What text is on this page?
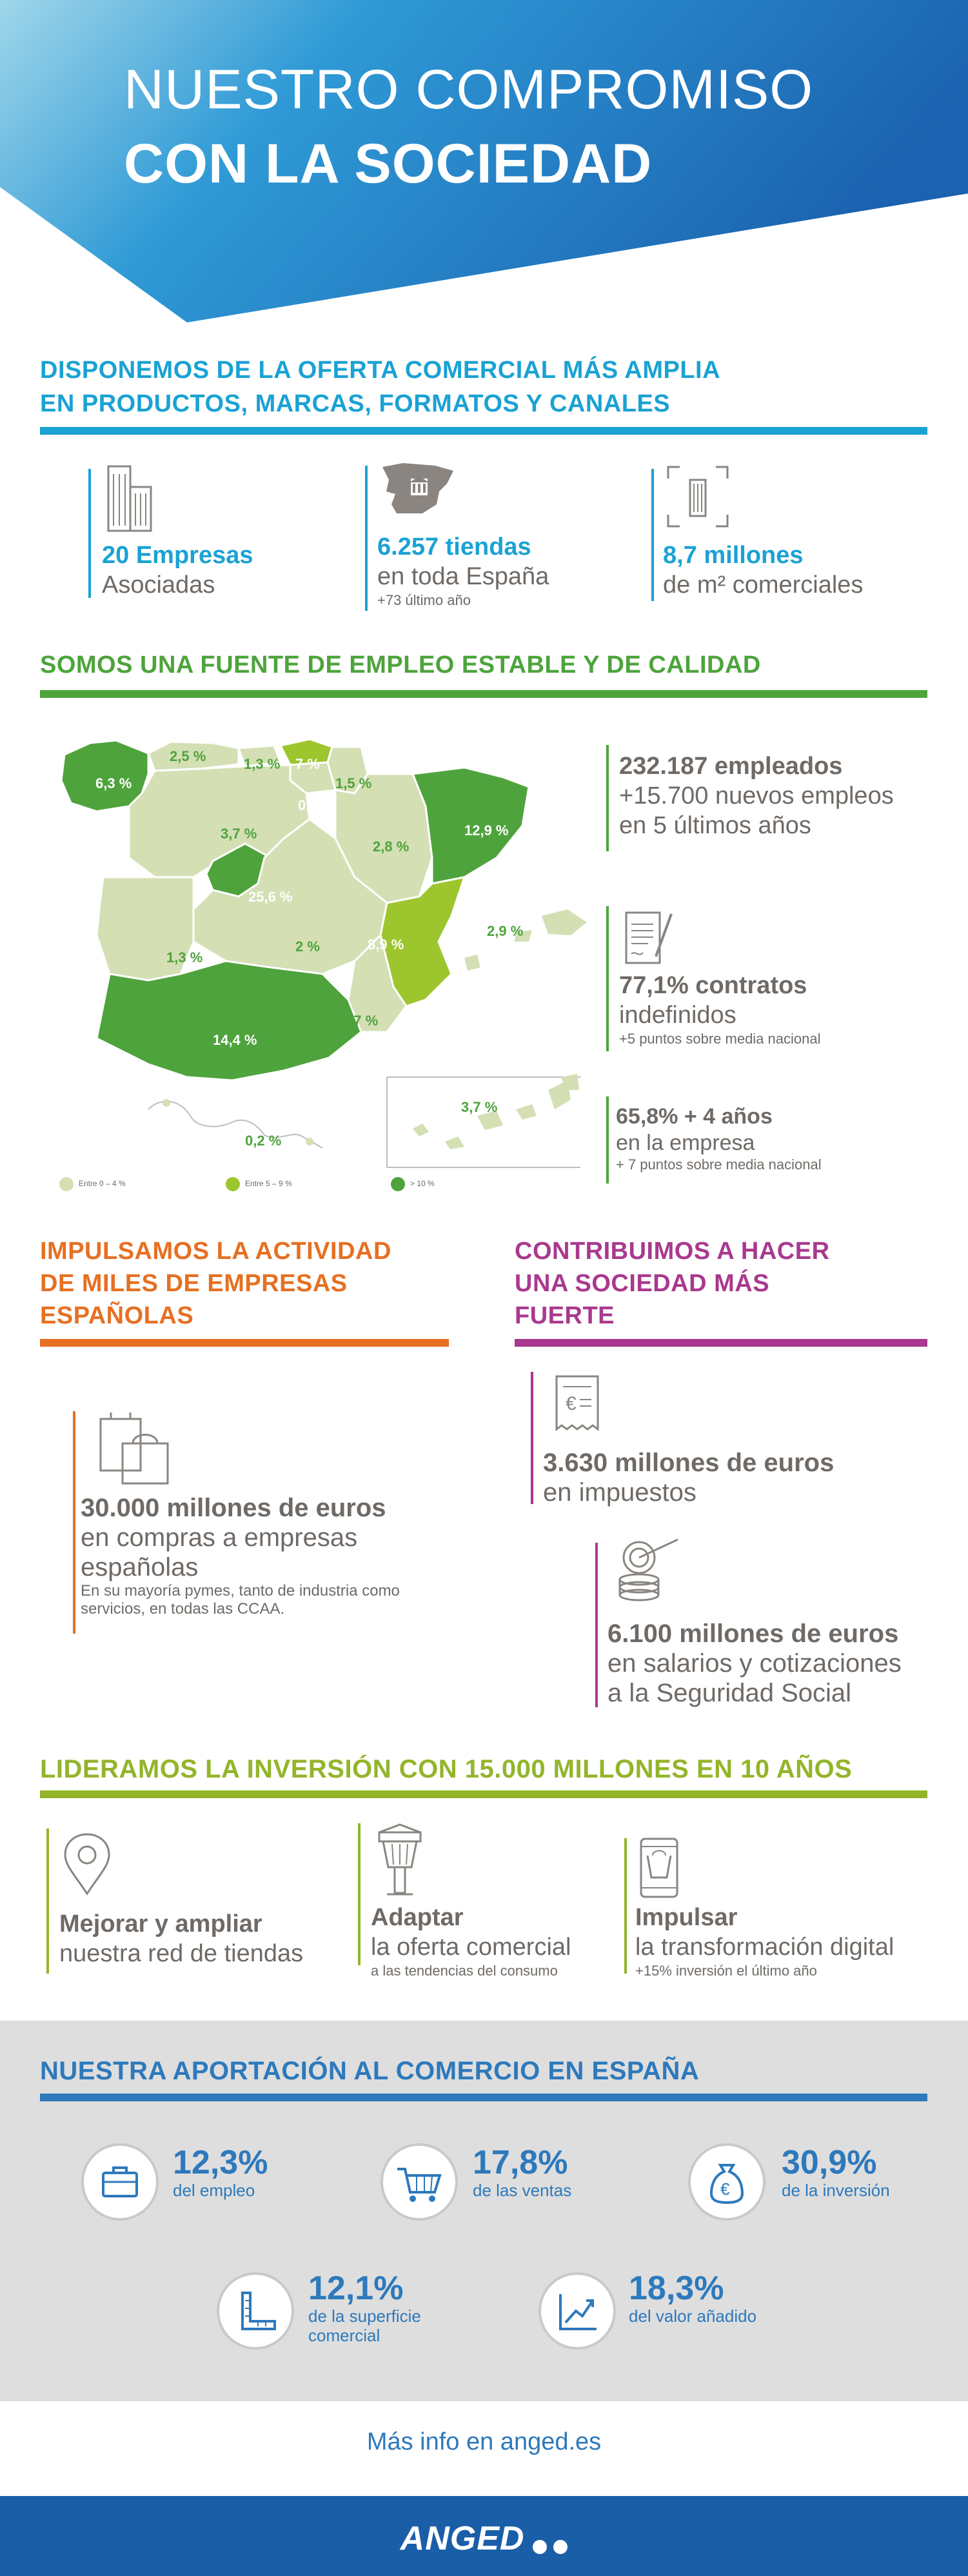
NUESTRO COMPROMISO
CON LA SOCIEDAD
DISPONEMOS DE LA OFERTA COMERCIAL MÁS AMPLIA
EN PRODUCTOS, MARCAS, FORMATOS Y CANALES
20 Empresas
Asociadas
6.257 tiendas
en toda España
+73 último año
8,7 millones
de m² comerciales
SOMOS UNA FUENTE DE EMPLEO ESTABLE Y DE CALIDAD
6,3 %
2,5 %	1,3 % 7 %
1,5 %
0,6 %
3,7 %
2,8 %
12,9 %
25,6 %
2 %	8,9 %
1,3 %
2,7 %
14,4 %
2,9 %
3,7 %
0,2 %
Entre 0 – 4 %	Entre 5 – 9 %	> 10 %
232.187 empleados
+15.700 nuevos empleos
en 5 últimos años
77,1% contratos
indefinidos
+5 puntos sobre media nacional
65,8% + 4 años
en la empresa
+ 7 puntos sobre media nacional
IMPULSAMOS LA ACTIVIDAD
DE MILES DE EMPRESAS
ESPAÑOLAS
CONTRIBUIMOS A HACER
UNA SOCIEDAD MÁS
FUERTE
30.000 millones de euros
en compras a empresas
españolas
En su mayoría pymes, tanto de industria como
servicios, en todas las CCAA.
€
3.630 millones de euros
en impuestos
6.100 millones de euros
en salarios y cotizaciones
a la Seguridad Social
LIDERAMOS LA INVERSIÓN CON 15.000 MILLONES EN 10 AÑOS
Mejorar y ampliar
nuestra red de tiendas
Adaptar
la oferta comercial
a las tendencias del consumo
Impulsar
la transformación digital
+15% inversión el último año
NUESTRA APORTACIÓN AL COMERCIO EN ESPAÑA
12,3%
del empleo
17,8%
de las ventas	€
30,9%
de la inversión
12,1%
de la superficie
comercial
18,3%
del valor añadido
Más info en anged.es
ANGED
